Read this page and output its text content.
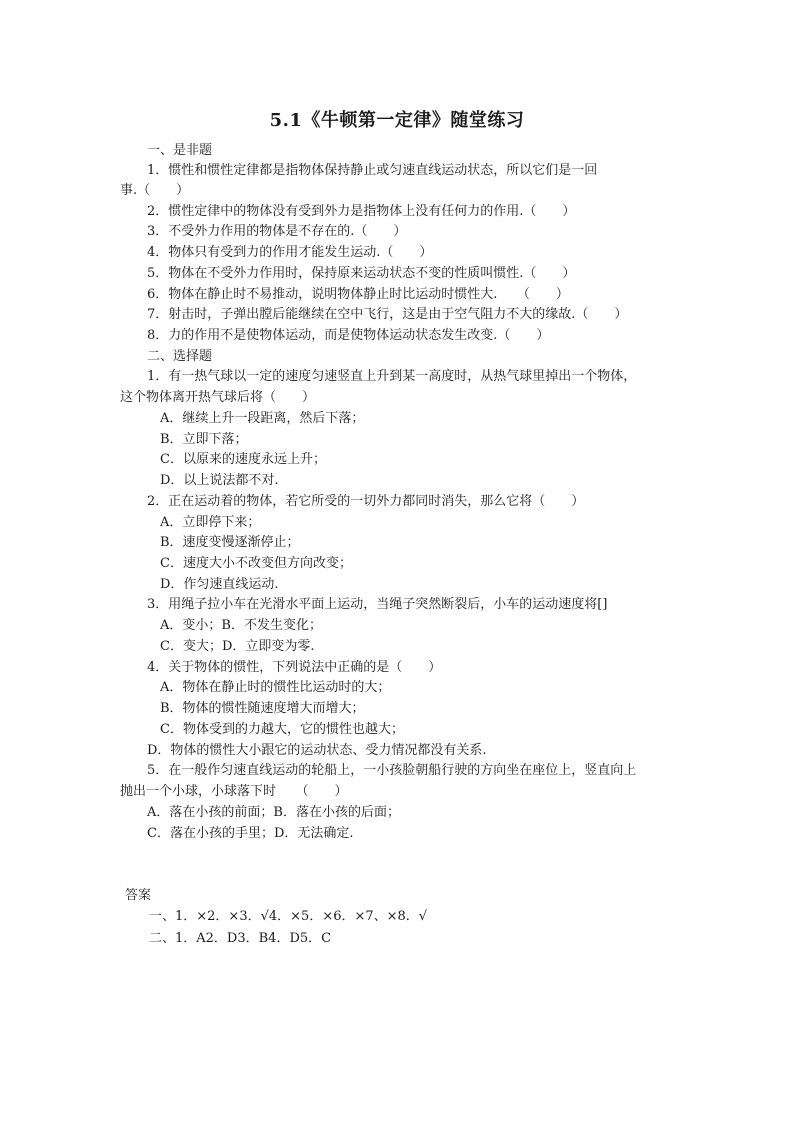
5.1《牛顿第一定律》随堂练习
一、是非题
1．惯性和惯性定律都是指物体保持静止或匀速直线运动状态，所以它们是一回
事.（　　）
2．惯性定律中的物体没有受到外力是指物体上没有任何力的作用.（　　）
3．不受外力作用的物体是不存在的.（　　）
4．物体只有受到力的作用才能发生运动.（　　）
5．物体在不受外力作用时，保持原来运动状态不变的性质叫惯性.（　　）
6．物体在静止时不易推动，说明物体静止时比运动时惯性大.　　（　　）
7．射击时，子弹出膛后能继续在空中飞行，这是由于空气阻力不大的缘故.（　　）
8．力的作用不是使物体运动，而是使物体运动状态发生改变.（　　）
二、选择题
1．有一热气球以一定的速度匀速竖直上升到某一高度时，从热气球里掉出一个物体，
这个物体离开热气球后将（　　）
A．继续上升一段距离，然后下落；
B．立即下落；
C．以原来的速度永远上升；
D．以上说法都不对.
2．正在运动着的物体，若它所受的一切外力都同时消失，那么它将（　　）
A．立即停下来；
B．速度变慢逐渐停止；
C．速度大小不改变但方向改变；
D．作匀速直线运动.
3．用绳子拉小车在光滑水平面上运动，当绳子突然断裂后，小车的运动速度将[]
A．变小；B．不发生变化；
C．变大；D．立即变为零.
4．关于物体的惯性，下列说法中正确的是（　　）
A．物体在静止时的惯性比运动时的大；
B．物体的惯性随速度增大而增大；
C．物体受到的力越大，它的惯性也越大；
D．物体的惯性大小跟它的运动状态、受力情况都没有关系.
5．在一般作匀速直线运动的轮船上，一小孩脸朝船行驶的方向坐在座位上，竖直向上
抛出一个小球，小球落下时　　（　　）
A．落在小孩的前面；B．落在小孩的后面；
C．落在小孩的手里；D．无法确定.
答案
一、1．×2．×3．√4．×5．×6．×7、×8．√
二、1．A2．D3．B4．D5．C
